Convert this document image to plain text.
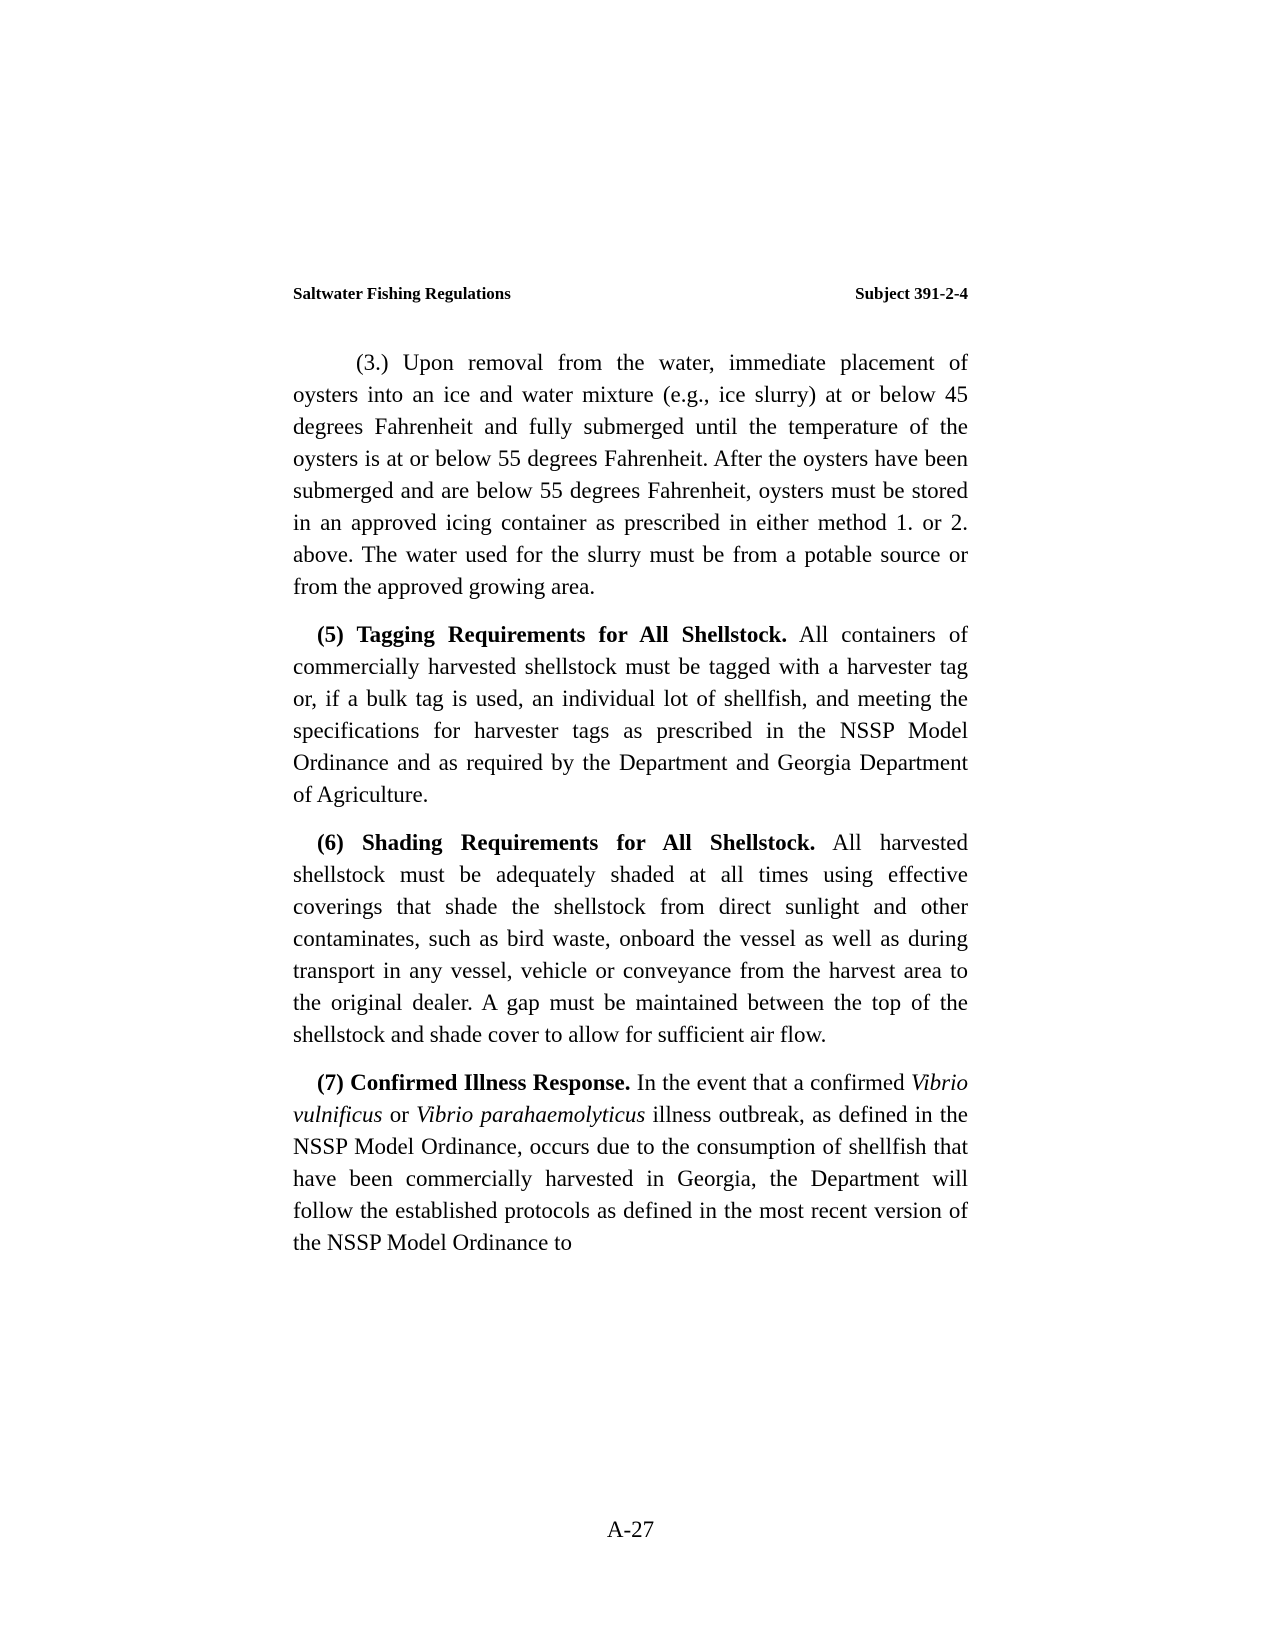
Saltwater Fishing Regulations	Subject 391-2-4

(3.) Upon removal from the water, immediate placement of oysters into an ice and water mixture (e.g., ice slurry) at or below 45 degrees Fahrenheit and fully submerged until the temperature of the oysters is at or below 55 degrees Fahrenheit. After the oysters have been submerged and are below 55 degrees Fahrenheit, oysters must be stored in an approved icing container as prescribed in either method 1. or 2. above. The water used for the slurry must be from a potable source or from the approved growing area.

(5) Tagging Requirements for All Shellstock. All containers of commercially harvested shellstock must be tagged with a harvester tag or, if a bulk tag is used, an individual lot of shellfish, and meeting the specifications for harvester tags as prescribed in the NSSP Model Ordinance and as required by the Department and Georgia Department of Agriculture.

(6) Shading Requirements for All Shellstock. All harvested shellstock must be adequately shaded at all times using effective coverings that shade the shellstock from direct sunlight and other contaminates, such as bird waste, onboard the vessel as well as during transport in any vessel, vehicle or conveyance from the harvest area to the original dealer. A gap must be maintained between the top of the shellstock and shade cover to allow for sufficient air flow.

(7) Confirmed Illness Response. In the event that a confirmed Vibrio vulnificus or Vibrio parahaemolyticus illness outbreak, as defined in the NSSP Model Ordinance, occurs due to the consumption of shellfish that have been commercially harvested in Georgia, the Department will follow the established protocols as defined in the most recent version of the NSSP Model Ordinance to

A-27
